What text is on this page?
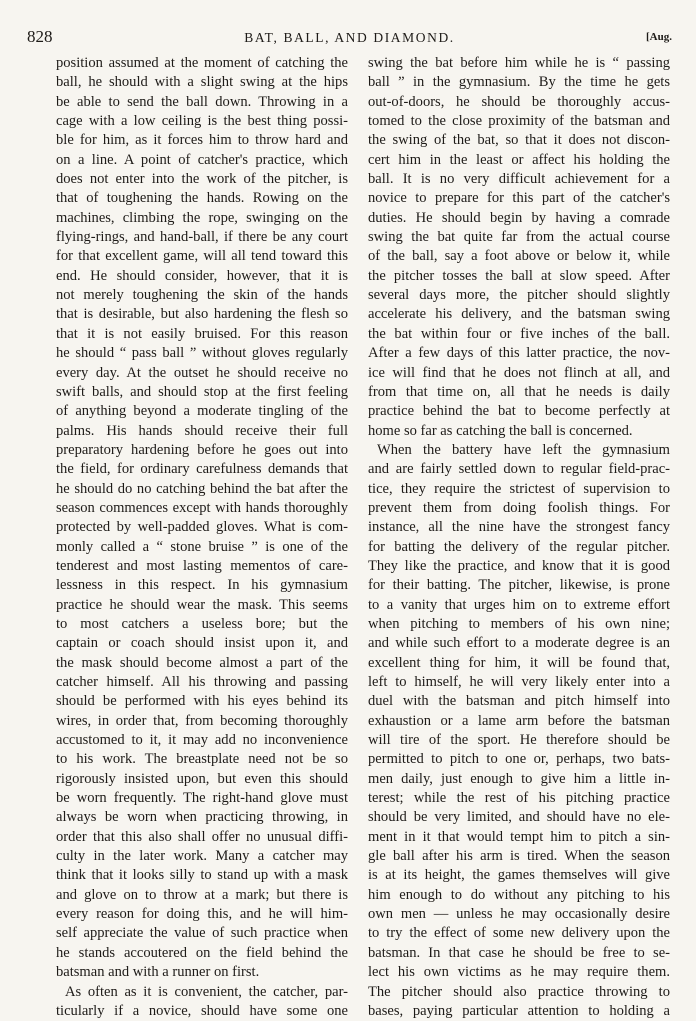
828	BAT, BALL, AND DIAMOND.	[Aug.

position assumed at the moment of catching the

ball, he should with a slight swing at the hips

be able to send the ball down. Throwing in a

cage with a low ceiling is the best thing possi-

ble for him, as it forces him to throw hard and

on a line. A point of catcher's practice, which

does not enter into the work of the pitcher, is

that of toughening the hands. Rowing on the

machines, climbing the rope, swinging on the

flying-rings, and hand-ball, if there be any court

for that excellent game, will all tend toward this

end. He should consider, however, that it is

not merely toughening the skin of the hands

that is desirable, but also hardening the flesh so

that it is not easily bruised. For this reason

he should “ pass ball ” without gloves regularly

every day. At the outset he should receive no

swift balls, and should stop at the first feeling

of anything beyond a moderate tingling of the

palms. His hands should receive their full

preparatory hardening before he goes out into

the field, for ordinary carefulness demands that

he should do no catching behind the bat after the

season commences except with hands thoroughly

protected by well-padded gloves. What is com-

monly called a “ stone bruise ” is one of the

tenderest and most lasting mementos of care-

lessness in this respect. In his gymnasium

practice he should wear the mask. This seems

to most catchers a useless bore; but the

captain or coach should insist upon it, and

the mask should become almost a part of the

catcher himself. All his throwing and passing

should be performed with his eyes behind its

wires, in order that, from becoming thoroughly

accustomed to it, it may add no inconvenience

to his work. The breastplate need not be so

rigorously insisted upon, but even this should

be worn frequently. The right-hand glove must

always be worn when practicing throwing, in

order that this also shall offer no unusual diffi-

culty in the later work. Many a catcher may

think that it looks silly to stand up with a mask

and glove on to throw at a mark; but there is

every reason for doing this, and he will him-

self appreciate the value of such practice when

he stands accoutered on the field behind the

batsman and with a runner on first.

As often as it is convenient, the catcher, par-

ticularly if a novice, should have some one

swing the bat before him while he is “ passing

ball ” in the gymnasium. By the time he gets

out-of-doors, he should be thoroughly accus-

tomed to the close proximity of the batsman and

the swing of the bat, so that it does not discon-

cert him in the least or affect his holding the

ball. It is no very difficult achievement for a

novice to prepare for this part of the catcher's

duties. He should begin by having a comrade

swing the bat quite far from the actual course

of the ball, say a foot above or below it, while

the pitcher tosses the ball at slow speed. After

several days more, the pitcher should slightly

accelerate his delivery, and the batsman swing

the bat within four or five inches of the ball.

After a few days of this latter practice, the nov-

ice will find that he does not flinch at all, and

from that time on, all that he needs is daily

practice behind the bat to become perfectly at

home so far as catching the ball is concerned.

When the battery have left the gymnasium

and are fairly settled down to regular field-prac-

tice, they require the strictest of supervision to

prevent them from doing foolish things. For

instance, all the nine have the strongest fancy

for batting the delivery of the regular pitcher.

They like the practice, and know that it is good

for their batting. The pitcher, likewise, is prone

to a vanity that urges him on to extreme effort

when pitching to members of his own nine;

and while such effort to a moderate degree is an

excellent thing for him, it will be found that,

left to himself, he will very likely enter into a

duel with the batsman and pitch himself into

exhaustion or a lame arm before the batsman

will tire of the sport. He therefore should be

permitted to pitch to one or, perhaps, two bats-

men daily, just enough to give him a little in-

terest; while the rest of his pitching practice

should be very limited, and should have no ele-

ment in it that would tempt him to pitch a sin-

gle ball after his arm is tired. When the season

is at its height, the games themselves will give

him enough to do without any pitching to his

own men — unless he may occasionally desire

to try the effect of some new delivery upon the

batsman. In that case he should be free to se-

lect his own victims as he may require them.

The pitcher should also practice throwing to

bases, paying particular attention to holding a
